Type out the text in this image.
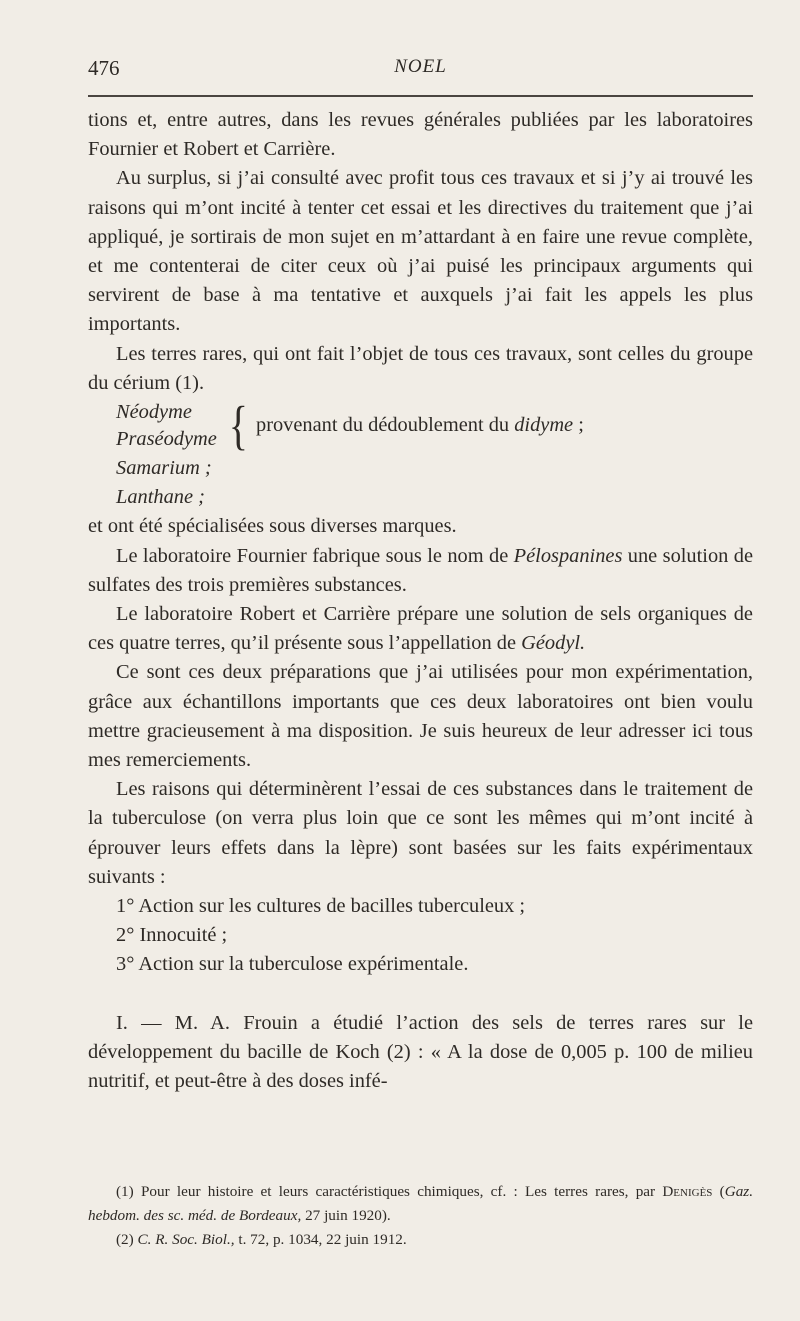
476	NOEL

tions et, entre autres, dans les revues générales publiées par les laboratoires Fournier et Robert et Carrière.

Au surplus, si j’ai consulté avec profit tous ces travaux et si j’y ai trouvé les raisons qui m’ont incité à tenter cet essai et les directives du traitement que j’ai appliqué, je sortirais de mon sujet en m’attardant à en faire une revue complète, et me contenterai de citer ceux où j’ai puisé les principaux arguments qui servirent de base à ma tentative et auxquels j’ai fait les appels les plus importants.

Les terres rares, qui ont fait l’objet de tous ces travaux, sont celles du groupe du cérium (1).

Néodyme
Praséodyme { provenant du dédoublement du didyme ;
Samarium ;
Lanthane ;

et ont été spécialisées sous diverses marques.

Le laboratoire Fournier fabrique sous le nom de Pélospanines une solution de sulfates des trois premières substances.

Le laboratoire Robert et Carrière prépare une solution de sels organiques de ces quatre terres, qu’il présente sous l’appellation de Géodyl.

Ce sont ces deux préparations que j’ai utilisées pour mon expérimentation, grâce aux échantillons importants que ces deux laboratoires ont bien voulu mettre gracieusement à ma disposition. Je suis heureux de leur adresser ici tous mes remerciements.

Les raisons qui déterminèrent l’essai de ces substances dans le traitement de la tuberculose (on verra plus loin que ce sont les mêmes qui m’ont incité à éprouver leurs effets dans la lèpre) sont basées sur les faits expérimentaux suivants :

1° Action sur les cultures de bacilles tuberculeux ;

2° Innocuité ;

3° Action sur la tuberculose expérimentale.

I. — M. A. Frouin a étudié l’action des sels de terres rares sur le développement du bacille de Koch (2) : « A la dose de 0,005 p. 100 de milieu nutritif, et peut-être à des doses infé-

(1) Pour leur histoire et leurs caractéristiques chimiques, cf. : Les terres rares, par Denigès (Gaz. hebdom. des sc. méd. de Bordeaux, 27 juin 1920).

(2) C. R. Soc. Biol., t. 72, p. 1034, 22 juin 1912.
